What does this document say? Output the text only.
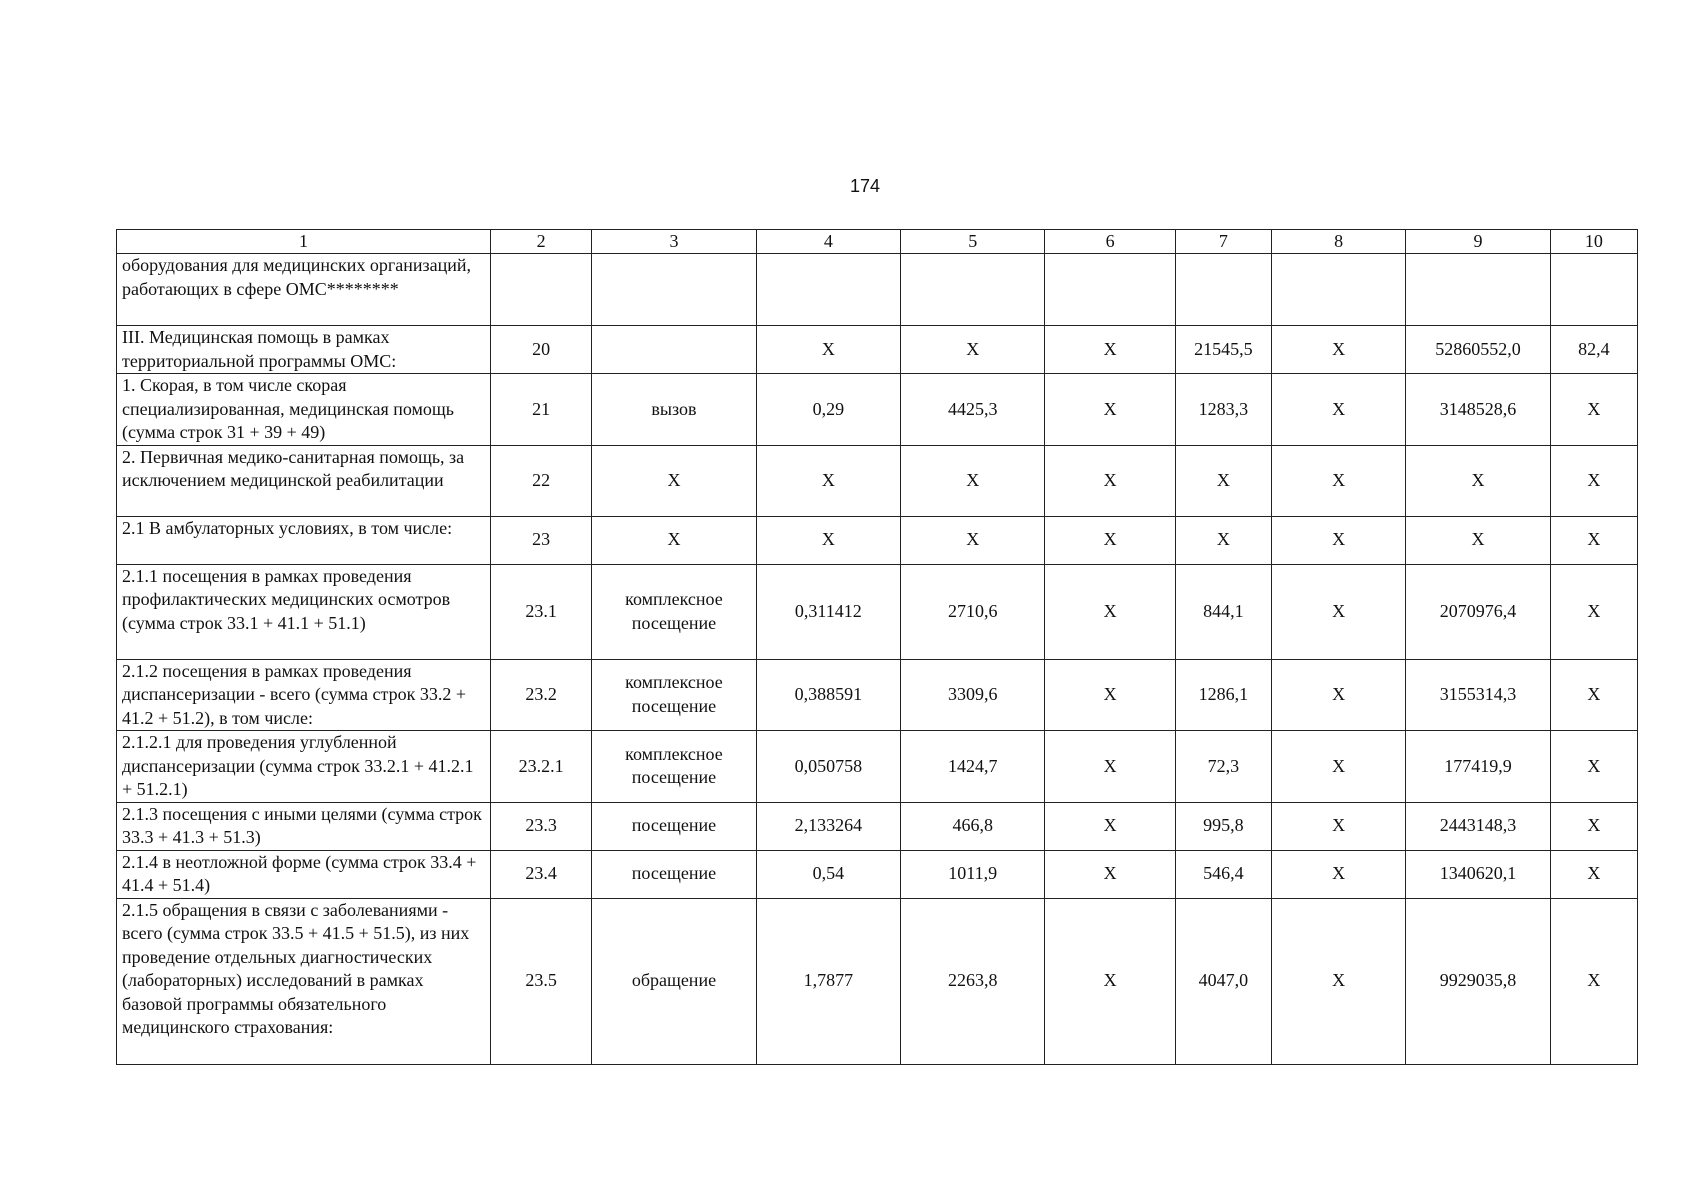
174
1	2	3	4	5	6	7	8	9	10
оборудования для медицинских организаций, работающих в сфере ОМС********									
III. Медицинская помощь в рамках территориальной программы ОМС:	20		Х	Х	Х	21545,5	Х	52860552,0	82,4
1. Скорая, в том числе скорая специализированная, медицинская помощь (сумма строк 31 + 39 + 49)	21	вызов	0,29	4425,3	Х	1283,3	Х	3148528,6	Х
2. Первичная медико-санитарная помощь, за исключением медицинской реабилитации	22	Х	Х	Х	Х	Х	Х	Х	Х
2.1 В амбулаторных условиях, в том числе:	23	Х	Х	Х	Х	Х	Х	Х	Х
2.1.1 посещения в рамках проведения профилактических медицинских осмотров (сумма строк 33.1 + 41.1 + 51.1)	23.1	комплексное посещение	0,311412	2710,6	Х	844,1	Х	2070976,4	Х
2.1.2 посещения в рамках проведения диспансеризации - всего (сумма строк 33.2 + 41.2 + 51.2), в том числе:	23.2	комплексное посещение	0,388591	3309,6	Х	1286,1	Х	3155314,3	Х
2.1.2.1 для проведения углубленной диспансеризации (сумма строк 33.2.1 + 41.2.1 + 51.2.1)	23.2.1	комплексное посещение	0,050758	1424,7	Х	72,3	Х	177419,9	Х
2.1.3 посещения с иными целями (сумма строк 33.3 + 41.3 + 51.3)	23.3	посещение	2,133264	466,8	Х	995,8	Х	2443148,3	Х
2.1.4 в неотложной форме (сумма строк 33.4 + 41.4 + 51.4)	23.4	посещение	0,54	1011,9	Х	546,4	Х	1340620,1	Х
2.1.5 обращения в связи с заболеваниями - всего (сумма строк 33.5 + 41.5 + 51.5), из них проведение отдельных диагностических (лабораторных) исследований в рамках базовой программы обязательного медицинского страхования:	23.5	обращение	1,7877	2263,8	Х	4047,0	Х	9929035,8	Х
